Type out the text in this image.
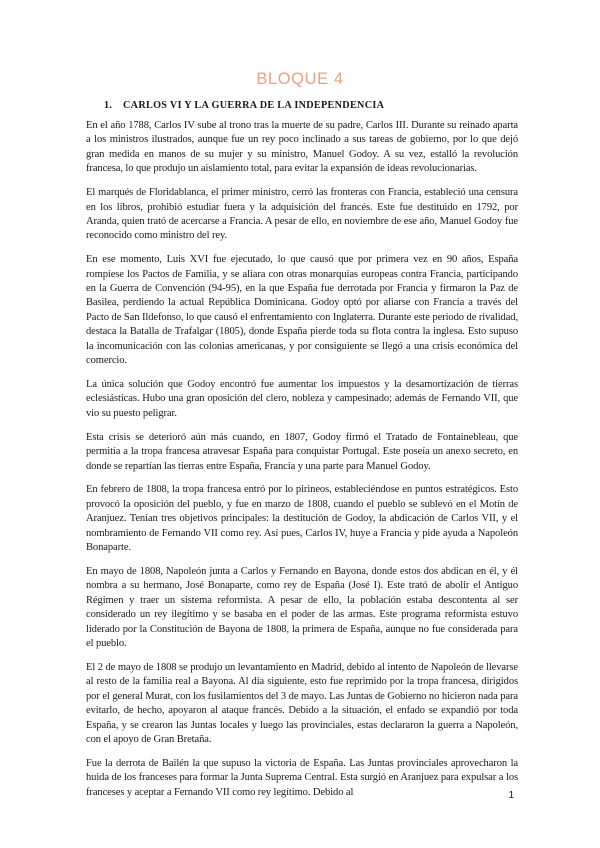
BLOQUE 4
1. CARLOS VI Y LA GUERRA DE LA INDEPENDENCIA

En el año 1788, Carlos IV sube al trono tras la muerte de su padre, Carlos III. Durante su reinado aparta a los ministros ilustrados, aunque fue un rey poco inclinado a sus tareas de gobierno, por lo que dejó gran medida en manos de su mujer y su ministro, Manuel Godoy. A su vez, estalló la revolución francesa, lo que produjo un aislamiento total, para evitar la expansión de ideas revolucionarias.

El marqués de Floridablanca, el primer ministro, cerró las fronteras con Francia, estableció una censura en los libros, prohibió estudiar fuera y la adquisición del francés. Este fue destituido en 1792, por Aranda, quien trató de acercarse a Francia. A pesar de ello, en noviembre de ese año, Manuel Godoy fue reconocido como ministro del rey.

En ese momento, Luis XVI fue ejecutado, lo que causó que por primera vez en 90 años, España rompiese los Pactos de Familia, y se aliara con otras monarquías europeas contra Francia, participando en la Guerra de Convención (94-95), en la que España fue derrotada por Francia y firmaron la Paz de Basilea, perdiendo la actual República Dominicana. Godoy optó por aliarse con Francia a través del Pacto de San Ildefonso, lo que causó el enfrentamiento con Inglaterra. Durante este periodo de rivalidad, destaca la Batalla de Trafalgar (1805), donde España pierde toda su flota contra la inglesa. Esto supuso la incomunicación con las colonias americanas, y por consiguiente se llegó a una crisis económica del comercio.

La única solución que Godoy encontró fue aumentar los impuestos y la desamortización de tierras eclesiásticas. Hubo una gran oposición del clero, nobleza y campesinado; además de Fernando VII, que vio su puesto peligrar.

Esta crisis se deterioró aún más cuando, en 1807, Godoy firmó el Tratado de Fontainebleau, que permitía a la tropa francesa atravesar España para conquistar Portugal. Este poseía un anexo secreto, en donde se repartían las tierras entre España, Francia y una parte para Manuel Godoy.

En febrero de 1808, la tropa francesa entró por lo pirineos, estableciéndose en puntos estratégicos. Esto provocó la oposición del pueblo, y fue en marzo de 1808, cuando el pueblo se sublevó en el Motín de Aranjuez. Tenían tres objetivos principales: la destitución de Godoy, la abdicación de Carlos VII, y el nombramiento de Fernando VII como rey. Así pues, Carlos IV, huye a Francia y pide ayuda a Napoleón Bonaparte.

En mayo de 1808, Napoleón junta a Carlos y Fernando en Bayona, donde estos dos abdican en él, y él nombra a su hermano, José Bonaparte, como rey de España (José I). Este trató de abolir el Antiguo Régimen y traer un sistema reformista. A pesar de ello, la población estaba descontenta al ser considerado un rey ilegítimo y se basaba en el poder de las armas. Este programa reformista estuvo liderado por la Constitución de Bayona de 1808, la primera de España, aunque no fue considerada para el pueblo.

El 2 de mayo de 1808 se produjo un levantamiento en Madrid, debido al intento de Napoleón de llevarse al resto de la familia real a Bayona. Al día siguiente, esto fue reprimido por la tropa francesa, dirigidos por el general Murat, con los fusilamientos del 3 de mayo. Las Juntas de Gobierno no hicieron nada para evitarlo, de hecho, apoyaron al ataque francés. Debido a la situación, el enfado se expandió por toda España, y se crearon las Juntas locales y luego las provinciales, estas declararon la guerra a Napoleón, con el apoyo de Gran Bretaña.

Fue la derrota de Bailén la que supuso la victoria de España. Las Juntas provinciales aprovecharon la huida de los franceses para formar la Junta Suprema Central. Esta surgió en Aranjuez para expulsar a los franceses y aceptar a Fernando VII como rey legítimo. Debido al	1
